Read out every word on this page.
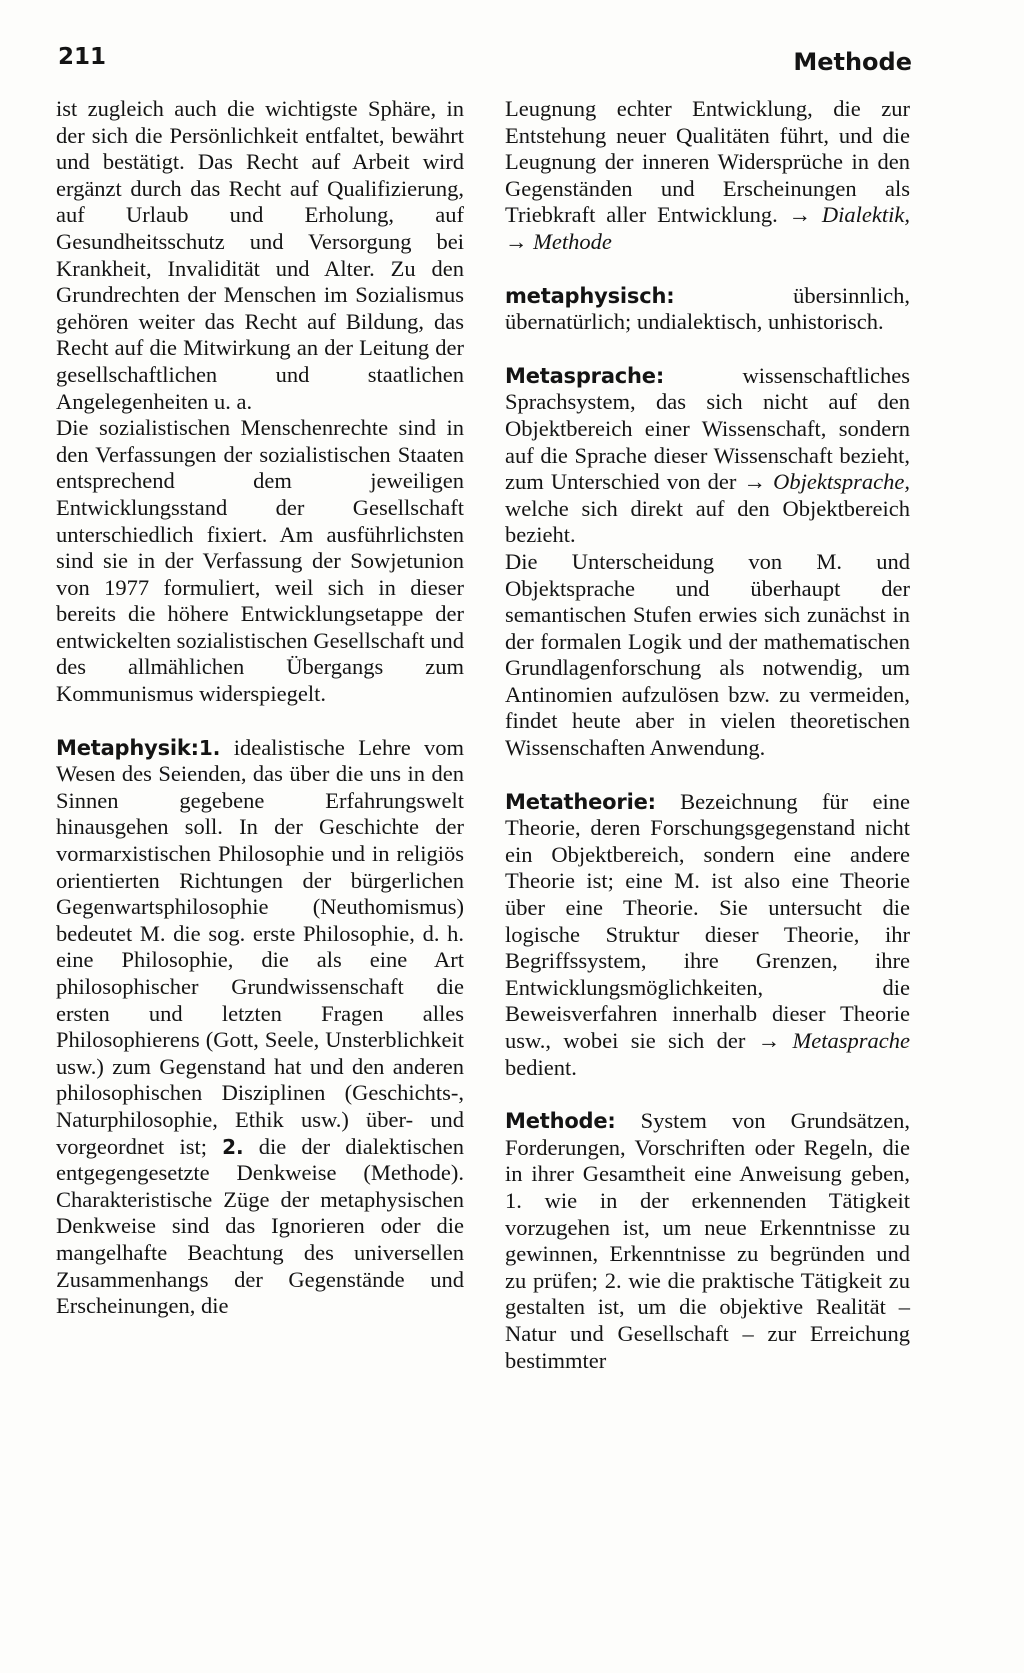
211	Methode

ist zugleich auch die wichtigste Sphäre, in der sich die Persönlichkeit entfaltet, bewährt und bestätigt. Das Recht auf Arbeit wird ergänzt durch das Recht auf Qualifizierung, auf Urlaub und Erholung, auf Gesundheitsschutz und Versorgung bei Krankheit, Invalidität und Alter. Zu den Grundrechten der Menschen im Sozialismus gehören weiter das Recht auf Bildung, das Recht auf die Mitwirkung an der Leitung der gesellschaftlichen und staatlichen Angelegenheiten u. a.

Die sozialistischen Menschenrechte sind in den Verfassungen der sozialistischen Staaten entsprechend dem jeweiligen Entwicklungsstand der Gesellschaft unterschiedlich fixiert. Am ausführlichsten sind sie in der Verfassung der Sowjetunion von 1977 formuliert, weil sich in dieser bereits die höhere Entwicklungsetappe der entwickelten sozialistischen Gesellschaft und des allmählichen Übergangs zum Kommunismus widerspiegelt.

Metaphysik:1. idealistische Lehre vom Wesen des Seienden, das über die uns in den Sinnen gegebene Erfahrungswelt hinausgehen soll. In der Geschichte der vormarxistischen Philosophie und in religiös orientierten Richtungen der bürgerlichen Gegenwartsphilosophie (Neuthomismus) bedeutet M. die sog. erste Philosophie, d. h. eine Philosophie, die als eine Art philosophischer Grundwissenschaft die ersten und letzten Fragen alles Philosophierens (Gott, Seele, Unsterblichkeit usw.) zum Gegenstand hat und den anderen philosophischen Disziplinen (Geschichts-, Naturphilosophie, Ethik usw.) über- und vorgeordnet ist; 2. die der dialektischen entgegengesetzte Denkweise (Methode). Charakteristische Züge der metaphysischen Denkweise sind das Ignorieren oder die mangelhafte Beachtung des universellen Zusammenhangs der Gegenstände und Erscheinungen, die

Leugnung echter Entwicklung, die zur Entstehung neuer Qualitäten führt, und die Leugnung der inneren Widersprüche in den Gegenständen und Erscheinungen als Triebkraft aller Entwicklung. → Dialektik, → Methode

metaphysisch: übersinnlich, übernatürlich; undialektisch, unhistorisch.

Metasprache: wissenschaftliches Sprachsystem, das sich nicht auf den Objektbereich einer Wissenschaft, sondern auf die Sprache dieser Wissenschaft bezieht, zum Unterschied von der → Objektsprache, welche sich direkt auf den Objektbereich bezieht.

Die Unterscheidung von M. und Objektsprache und überhaupt der semantischen Stufen erwies sich zunächst in der formalen Logik und der mathematischen Grundlagenforschung als notwendig, um Antinomien aufzulösen bzw. zu vermeiden, findet heute aber in vielen theoretischen Wissenschaften Anwendung.

Metatheorie: Bezeichnung für eine Theorie, deren Forschungsgegenstand nicht ein Objektbereich, sondern eine andere Theorie ist; eine M. ist also eine Theorie über eine Theorie. Sie untersucht die logische Struktur dieser Theorie, ihr Begriffssystem, ihre Grenzen, ihre Entwicklungsmöglichkeiten, die Beweisverfahren innerhalb dieser Theorie usw., wobei sie sich der → Metasprache bedient.

Methode: System von Grundsätzen, Forderungen, Vorschriften oder Regeln, die in ihrer Gesamtheit eine Anweisung geben, 1. wie in der erkennenden Tätigkeit vorzugehen ist, um neue Erkenntnisse zu gewinnen, Erkenntnisse zu begründen und zu prüfen; 2. wie die praktische Tätigkeit zu gestalten ist, um die objektive Realität – Natur und Gesellschaft – zur Erreichung bestimmter
